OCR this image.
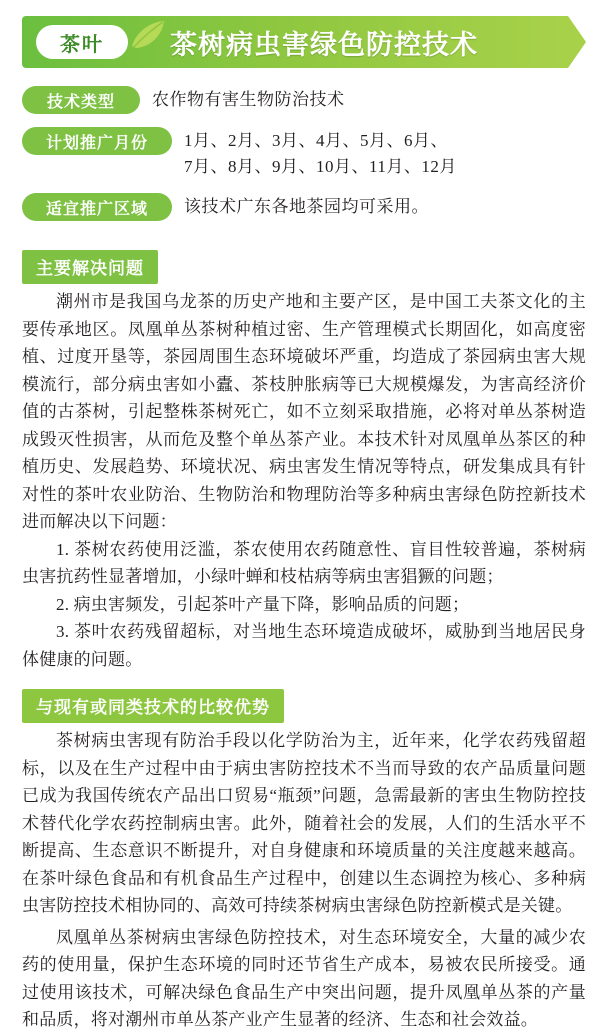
茶叶	茶树病虫害绿色防控技术
技术类型	农作物有害生物防治技术
计划推广月份	1月、2月、3月、4月、5月、6月、
7月、8月、9月、10月、11月、12月
适宜推广区域	该技术广东各地茶园均可采用。
主要解决问题

潮州市是我国乌龙茶的历史产地和主要产区，是中国工夫茶文化的主要传承地区。凤凰单丛茶树种植过密、生产管理模式长期固化，如高度密植、过度开垦等，茶园周围生态环境破坏严重，均造成了茶园病虫害大规模流行，部分病虫害如小蠹、茶枝肿胀病等已大规模爆发，为害高经济价值的古茶树，引起整株茶树死亡，如不立刻采取措施，必将对单丛茶树造成毁灭性损害，从而危及整个单丛茶产业。本技术针对凤凰单丛茶区的种植历史、发展趋势、环境状况、病虫害发生情况等特点，研发集成具有针对性的茶叶农业防治、生物防治和物理防治等多种病虫害绿色防控新技术进而解决以下问题：

1. 茶树农药使用泛滥，茶农使用农药随意性、盲目性较普遍，茶树病虫害抗药性显著增加，小绿叶蝉和枝枯病等病虫害猖獗的问题；

2. 病虫害频发，引起茶叶产量下降，影响品质的问题；

3. 茶叶农药残留超标，对当地生态环境造成破坏，威胁到当地居民身体健康的问题。

与现有或同类技术的比较优势

茶树病虫害现有防治手段以化学防治为主，近年来，化学农药残留超标，以及在生产过程中由于病虫害防控技术不当而导致的农产品质量问题已成为我国传统农产品出口贸易“瓶颈”问题，急需最新的害虫生物防控技术替代化学农药控制病虫害。此外，随着社会的发展，人们的生活水平不断提高、生态意识不断提升，对自身健康和环境质量的关注度越来越高。在茶叶绿色食品和有机食品生产过程中，创建以生态调控为核心、多种病虫害防控技术相协同的、高效可持续茶树病虫害绿色防控新模式是关键。

凤凰单丛茶树病虫害绿色防控技术，对生态环境安全，大量的减少农药的使用量，保护生态环境的同时还节省生产成本，易被农民所接受。通过使用该技术，可解决绿色食品生产中突出问题，提升凤凰单丛茶的产量和品质，将对潮州市单丛茶产业产生显著的经济、生态和社会效益。
